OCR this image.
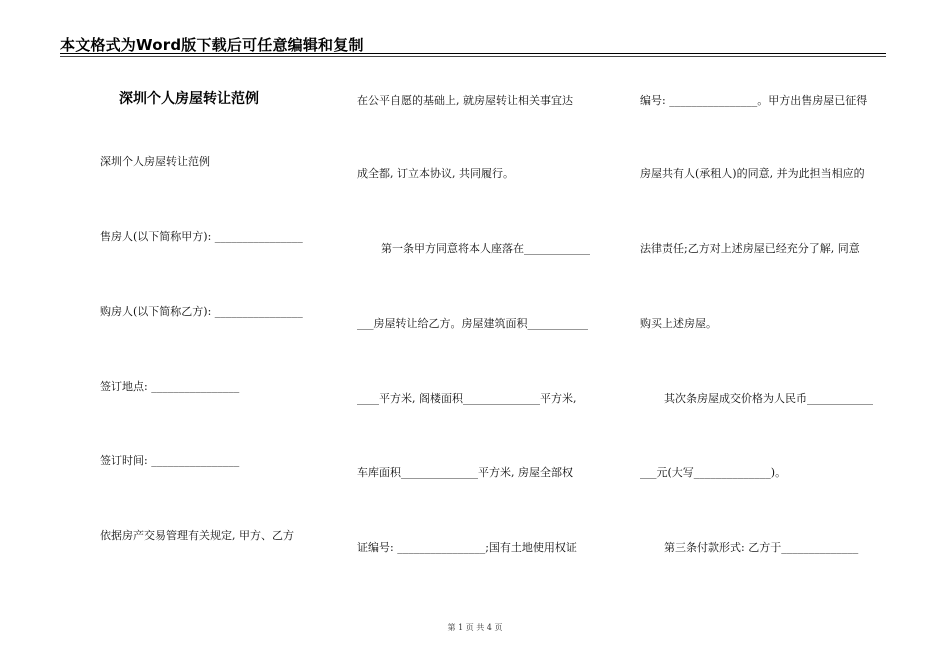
本文格式为Word版下载后可任意编辑和复制
深圳个人房屋转让范例
深圳个人房屋转让范例
售房人(以下简称甲方): ________________
购房人(以下简称乙方): ________________
签订地点: ________________
签订时间: ________________
依据房产交易管理有关规定, 甲方、乙方
在公平自愿的基础上, 就房屋转让相关事宜达
成全都, 订立本协议, 共同履行。
第一条甲方同意将本人座落在____________
___房屋转让给乙方。房屋建筑面积___________
____平方米, 阁楼面积______________平方米,
车库面积______________平方米, 房屋全部权
证编号: ________________;国有土地使用权证
编号: ________________。甲方出售房屋已征得
房屋共有人(承租人)的同意, 并为此担当相应的
法律责任;乙方对上述房屋已经充分了解, 同意
购买上述房屋。
其次条房屋成交价格为人民币____________
___元(大写______________)。
第三条付款形式: 乙方于______________
第 1 页 共 4 页
